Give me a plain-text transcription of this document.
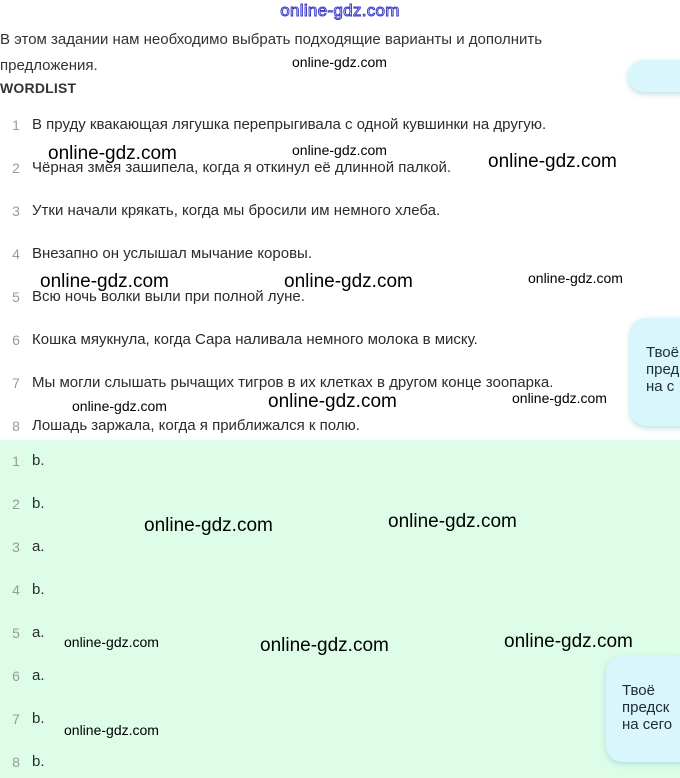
online-gdz.com
В этом задании нам необходимо выбрать подходящие варианты и дополнить предложения.
WORDLIST
Твоё
пред
на с
1 В пруду квакающая лягушка перепрыгивала с одной кувшинки на другую.
2 Чёрная змея зашипела, когда я откинул её длинной палкой.
3 Утки начали крякать, когда мы бросили им немного хлеба.
4 Внезапно он услышал мычание коровы.
5 Всю ночь волки выли при полной луне.
6 Кошка мяукнула, когда Сара наливала немного молока в миску.
7 Мы могли слышать рычащих тигров в их клетках в другом конце зоопарка.
8 Лошадь заржала, когда я приближался к полю.
1 b.
2 b.
3 a.
4 b.
5 a.
6 a.
7 b.
8 b.
Твоё
предск
на сего
online-gdz.com
online-gdz.com	online-gdz.com
online-gdz.com
online-gdz.com	online-gdz.com	online-gdz.com
online-gdz.com	online-gdz.com	online-gdz.com
online-gdz.com	online-gdz.com
online-gdz.com	online-gdz.com	online-gdz.com
online-gdz.com
